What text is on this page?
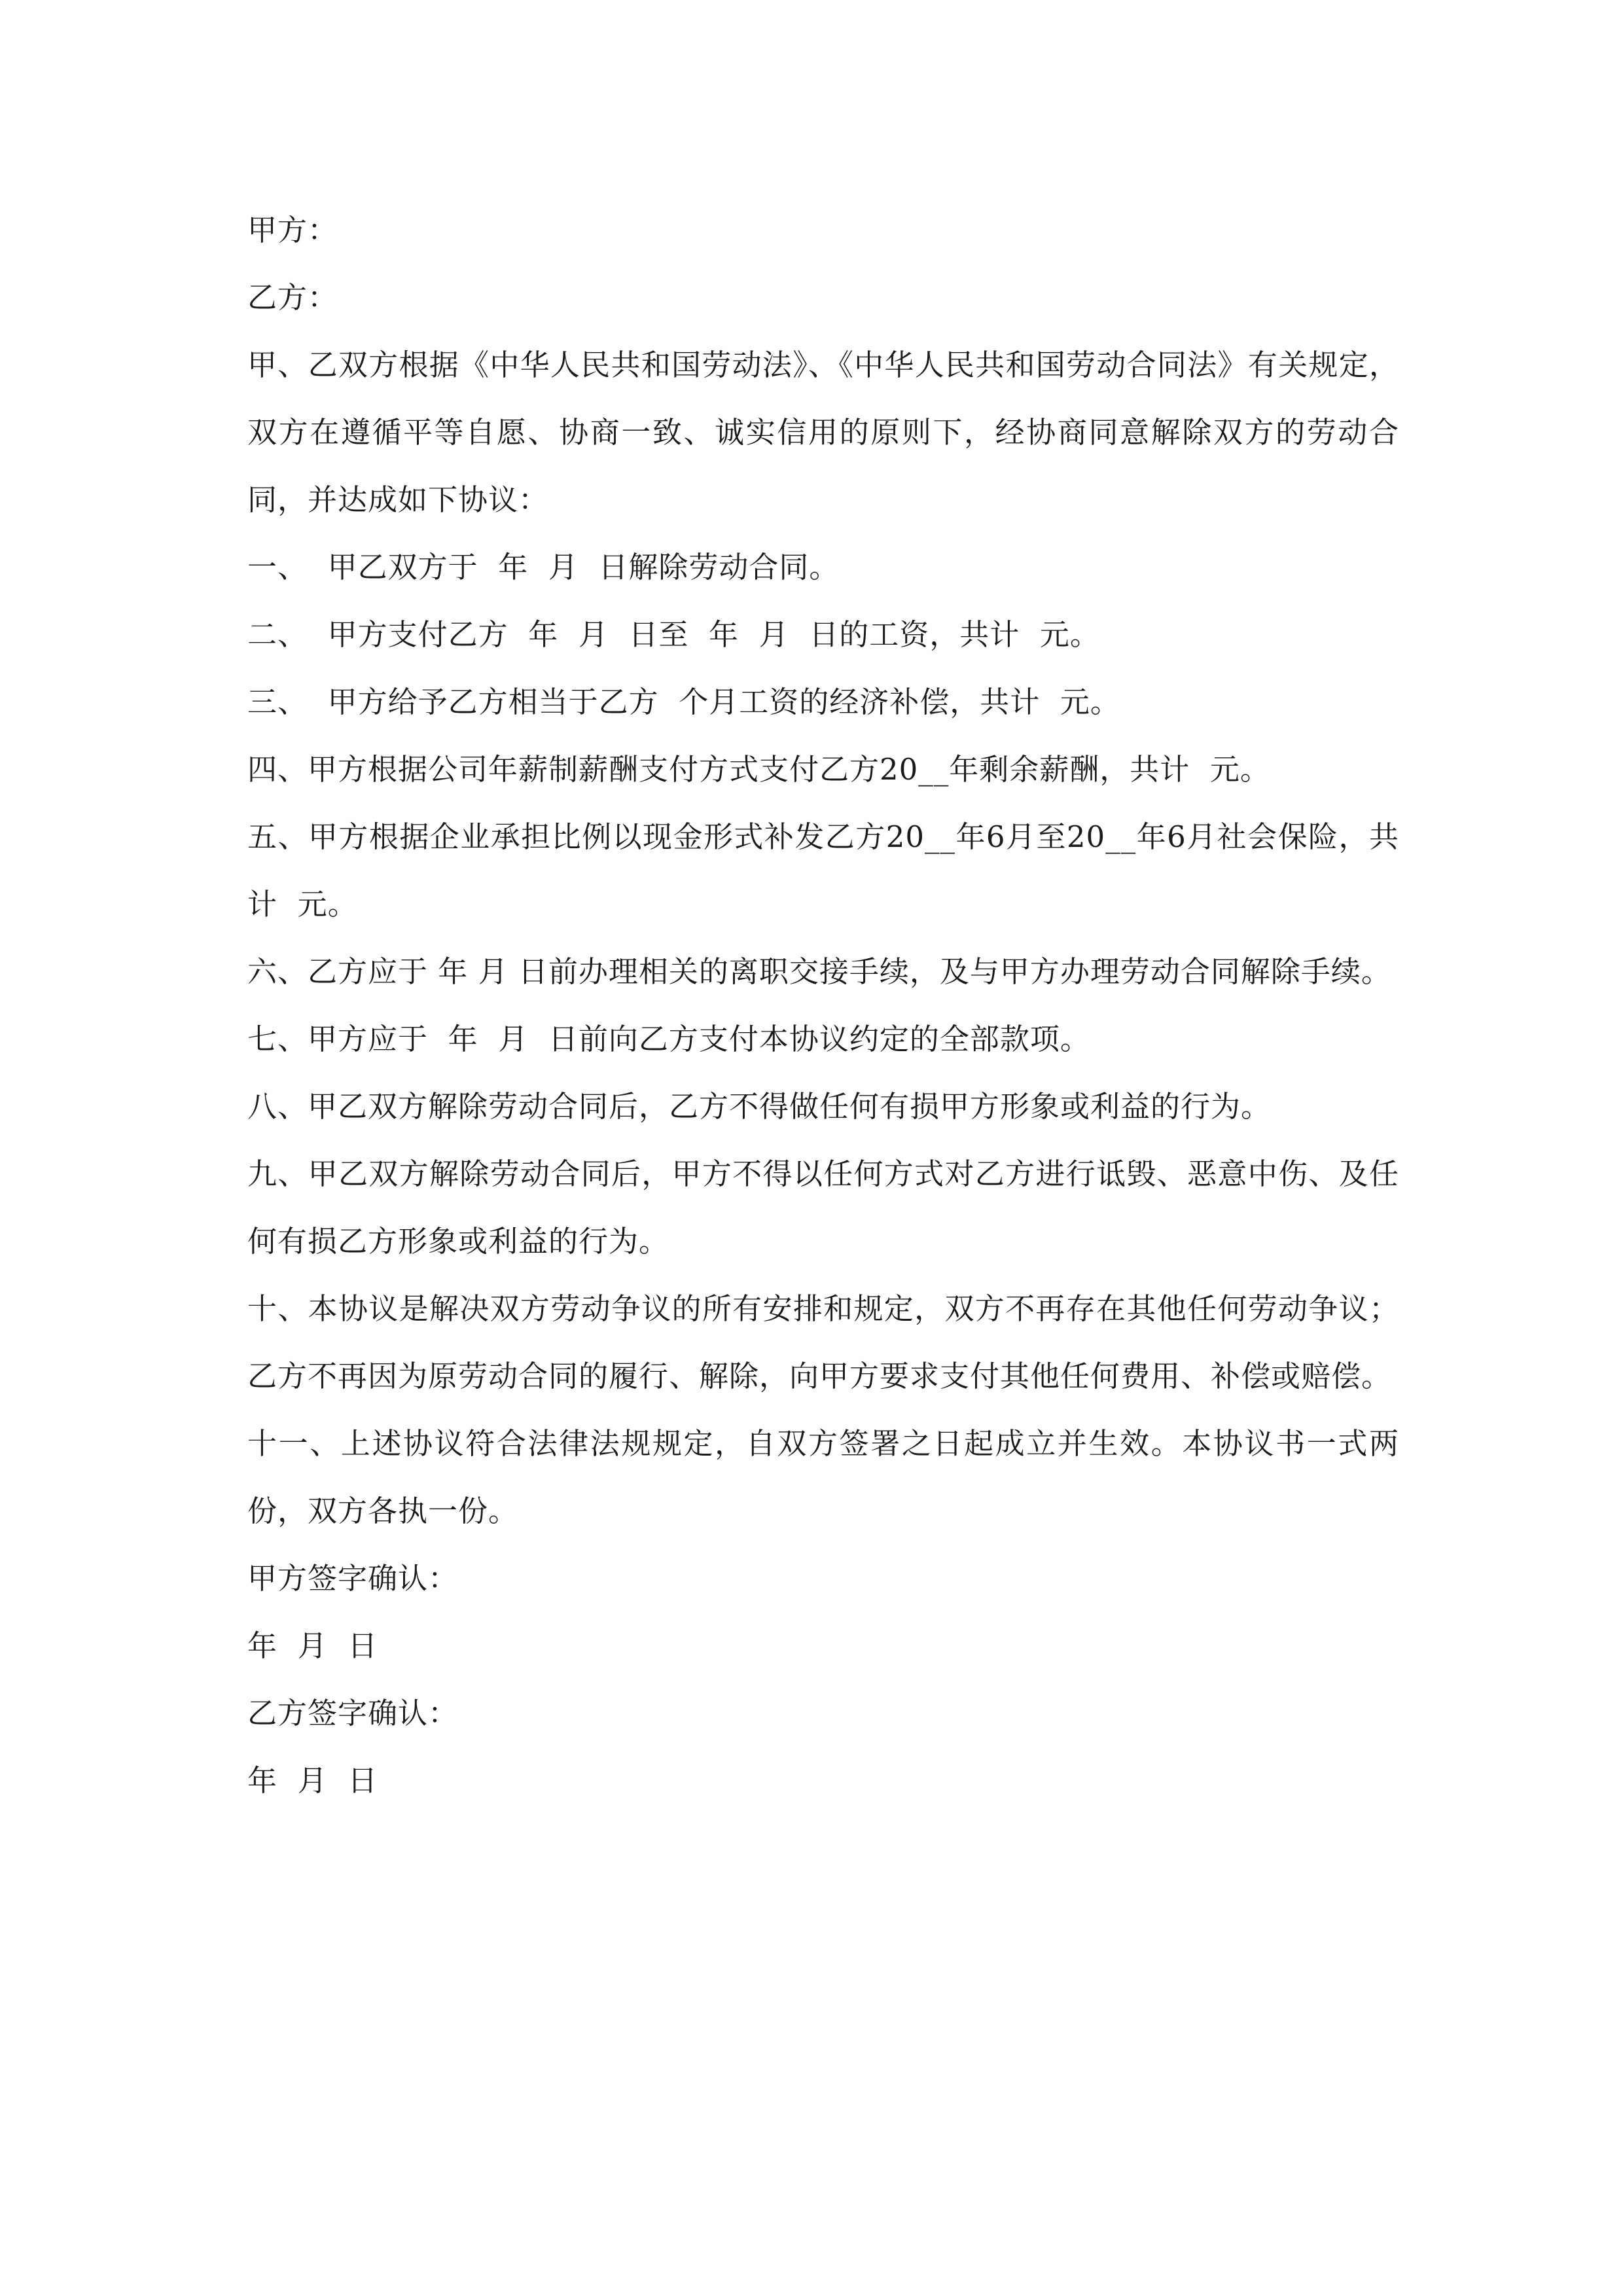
甲方：

乙方：

甲、乙双方根据《中华人民共和国劳动法》、《中华人民共和国劳动合同法》有关规定，双方在遵循平等自愿、协商一致、诚实信用的原则下，经协商同意解除双方的劳动合同，并达成如下协议：

一、  甲乙双方于  年  月  日解除劳动合同。

二、  甲方支付乙方  年  月  日至  年  月  日的工资，共计  元。

三、  甲方给予乙方相当于乙方  个月工资的经济补偿，共计  元。

四、甲方根据公司年薪制薪酬支付方式支付乙方20__年剩余薪酬，共计  元。

五、甲方根据企业承担比例以现金形式补发乙方20__年6月至20__年6月社会保险，共计  元。

六、乙方应于 年 月 日前办理相关的离职交接手续，及与甲方办理劳动合同解除手续。

七、甲方应于  年  月  日前向乙方支付本协议约定的全部款项。

八、甲乙双方解除劳动合同后，乙方不得做任何有损甲方形象或利益的行为。

九、甲乙双方解除劳动合同后，甲方不得以任何方式对乙方进行诋毁、恶意中伤、及任何有损乙方形象或利益的行为。

十、本协议是解决双方劳动争议的所有安排和规定，双方不再存在其他任何劳动争议；乙方不再因为原劳动合同的履行、解除，向甲方要求支付其他任何费用、补偿或赔偿。

十一、上述协议符合法律法规规定，自双方签署之日起成立并生效。本协议书一式两份，双方各执一份。

甲方签字确认：

年  月  日

乙方签字确认：

年  月  日
